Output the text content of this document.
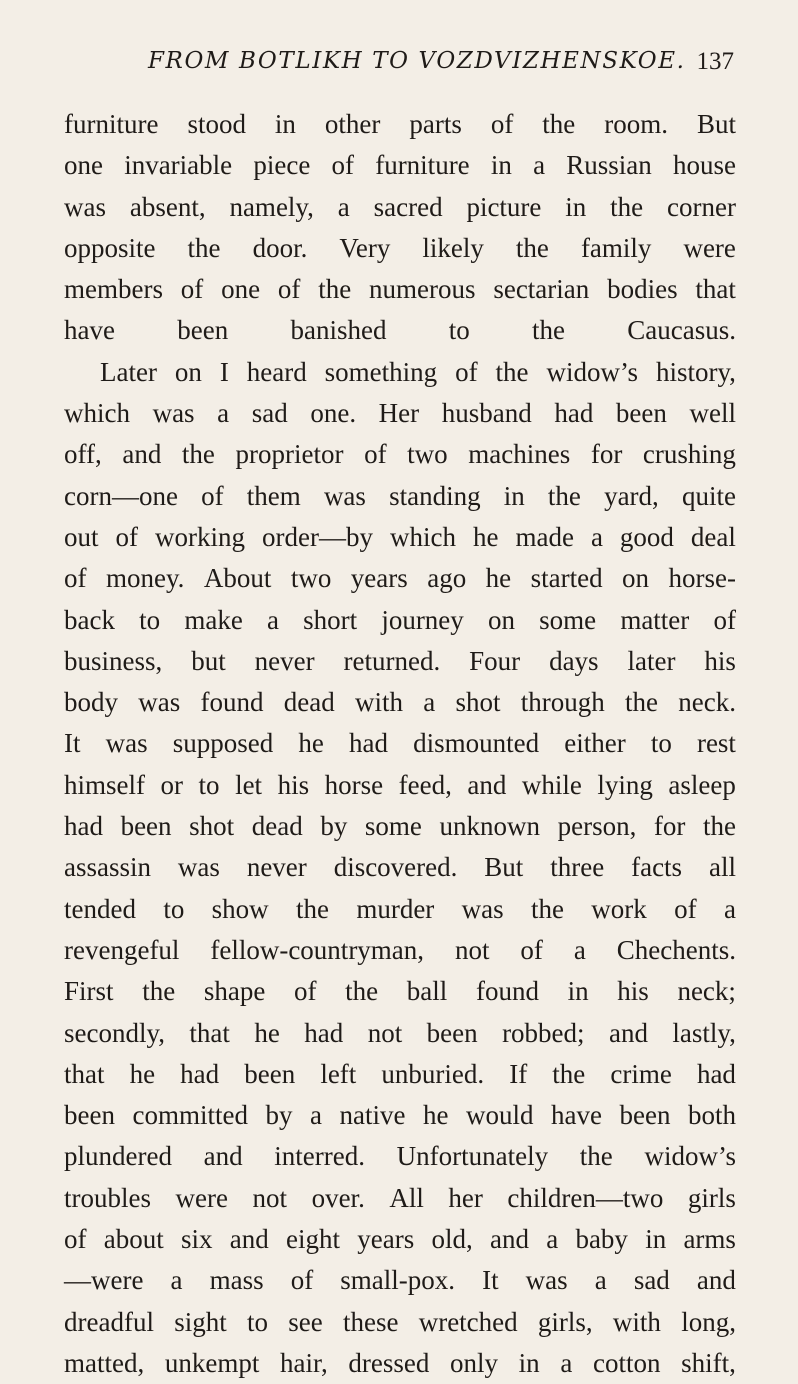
FROM BOTLIKH TO VOZDVIZHENSKOE. 137
furniture stood in other parts of the room. But
one invariable piece of furniture in a Russian house
was absent, namely, a sacred picture in the corner
opposite the door. Very likely the family were
members of one of the numerous sectarian bodies that
have been banished to the Caucasus.
Later on I heard something of the widow’s history,
which was a sad one. Her husband had been well
off, and the proprietor of two machines for crushing
corn—one of them was standing in the yard, quite
out of working order—by which he made a good deal
of money. About two years ago he started on horse-
back to make a short journey on some matter of
business, but never returned. Four days later his
body was found dead with a shot through the neck.
It was supposed he had dismounted either to rest
himself or to let his horse feed, and while lying asleep
had been shot dead by some unknown person, for the
assassin was never discovered. But three facts all
tended to show the murder was the work of a
revengeful fellow-countryman, not of a Chechents.
First the shape of the ball found in his neck;
secondly, that he had not been robbed; and lastly,
that he had been left unburied. If the crime had
been committed by a native he would have been both
plundered and interred. Unfortunately the widow’s
troubles were not over. All her children—two girls
of about six and eight years old, and a baby in arms
—were a mass of small-pox. It was a sad and
dreadful sight to see these wretched girls, with long,
matted, unkempt hair, dressed only in a cotton shift,
